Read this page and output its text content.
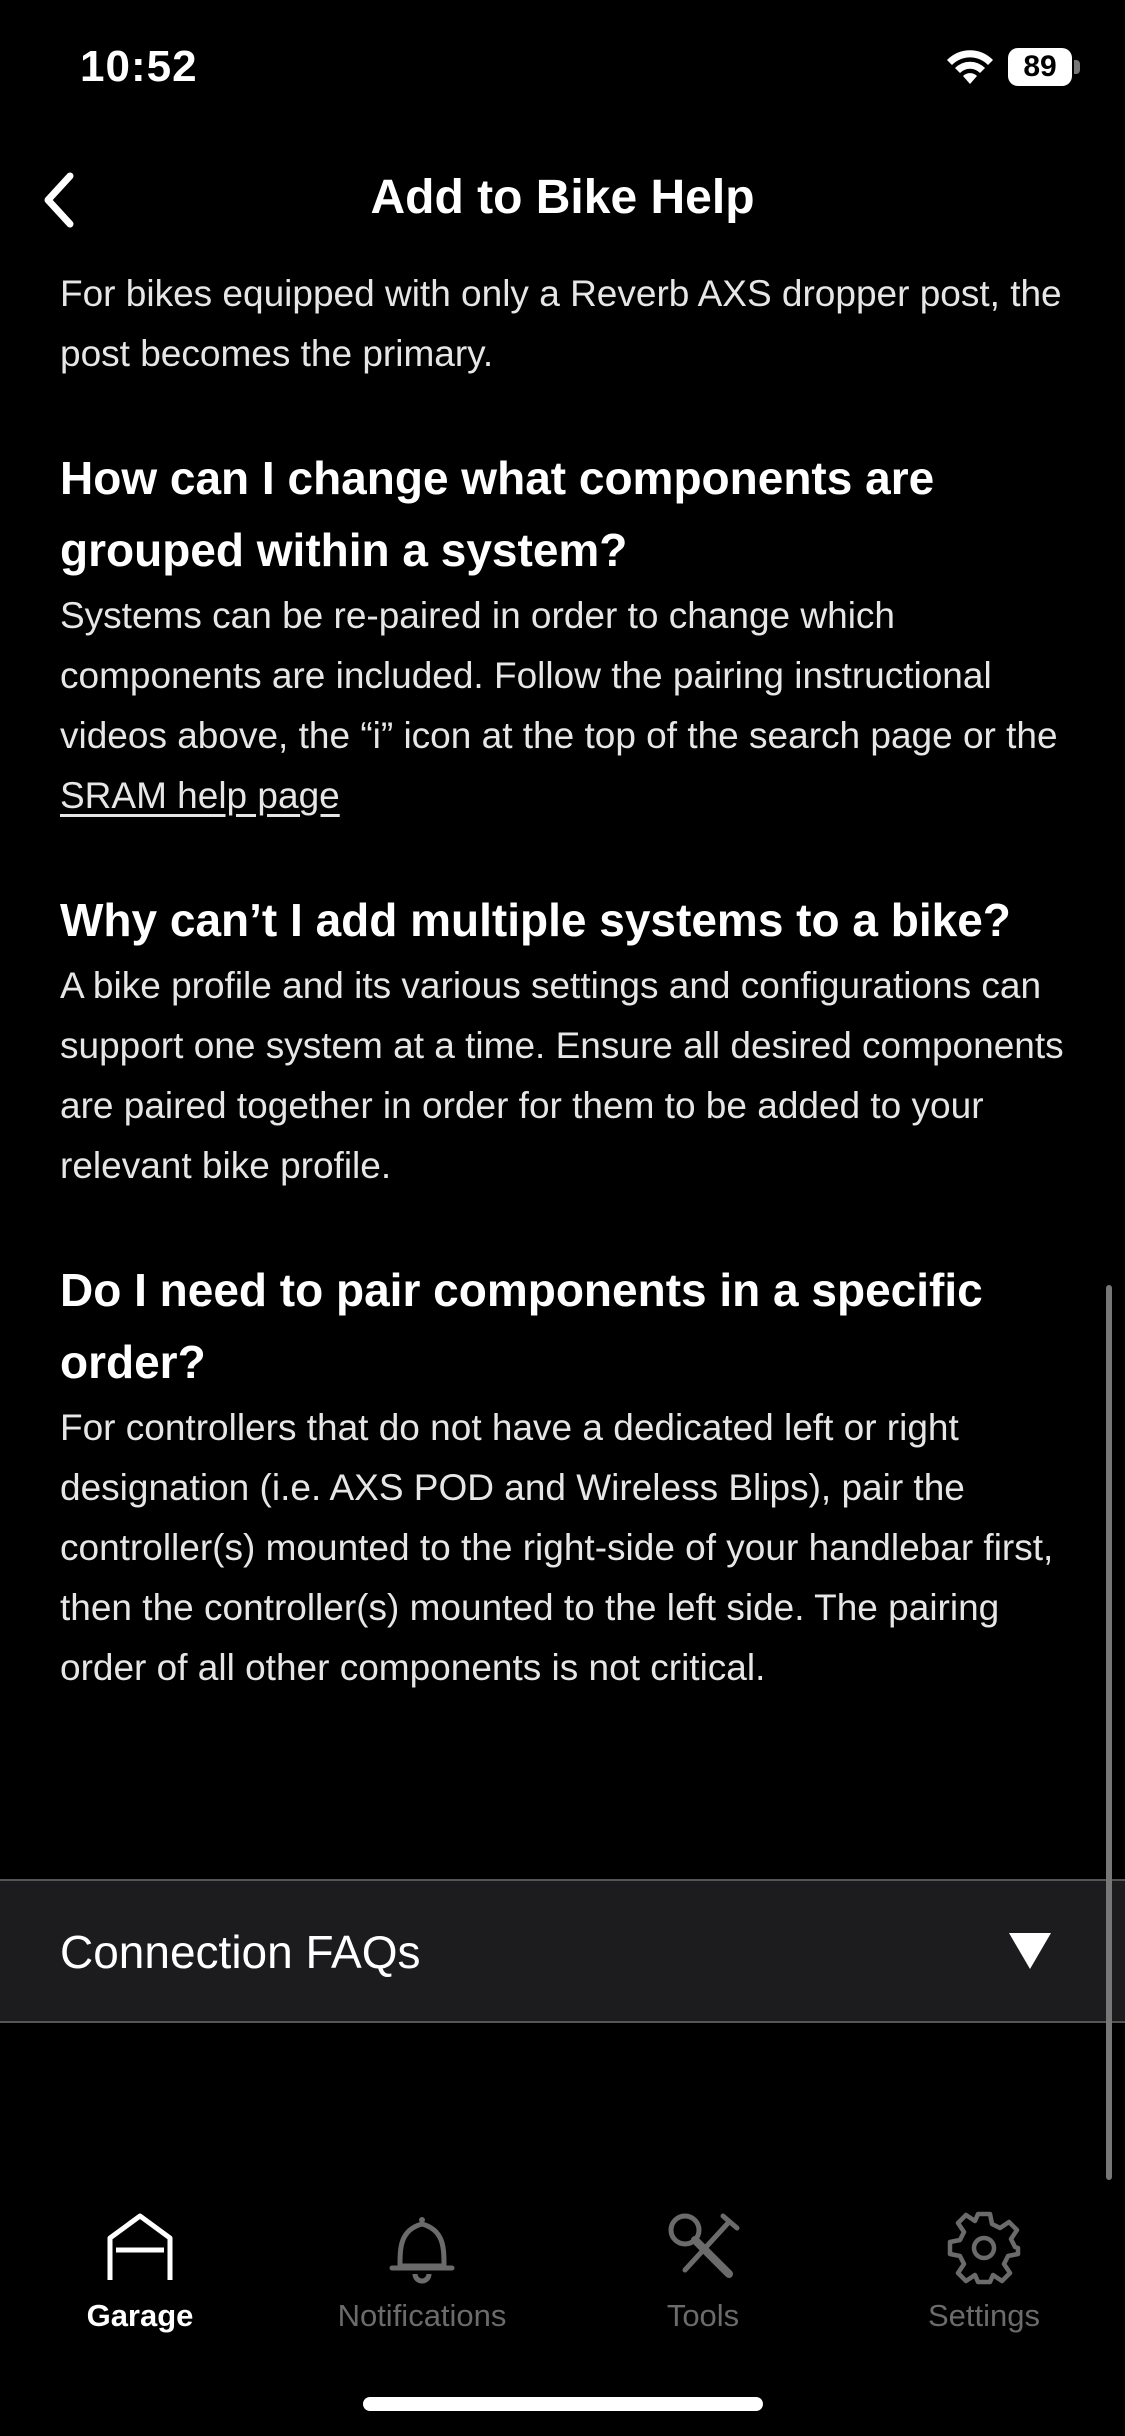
10:52	89
Add to Bike Help

For bikes equipped with only a Reverb AXS dropper post, the post becomes the primary.

How can I change what components are grouped within a system?

Systems can be re-paired in order to change which components are included. Follow the pairing instructional videos above, the “i” icon at the top of the search page or the SRAM help page

Why can’t I add multiple systems to a bike?

A bike profile and its various settings and configurations can support one system at a time. Ensure all desired components are paired together in order for them to be added to your relevant bike profile.

Do I need to pair components in a specific order?

For controllers that do not have a dedicated left or right designation (i.e. AXS POD and Wireless Blips), pair the controller(s) mounted to the right-side of your handlebar first, then the controller(s) mounted to the left side. The pairing order of all other components is not critical.

Connection FAQs
Garage	Notifications	Tools	Settings
